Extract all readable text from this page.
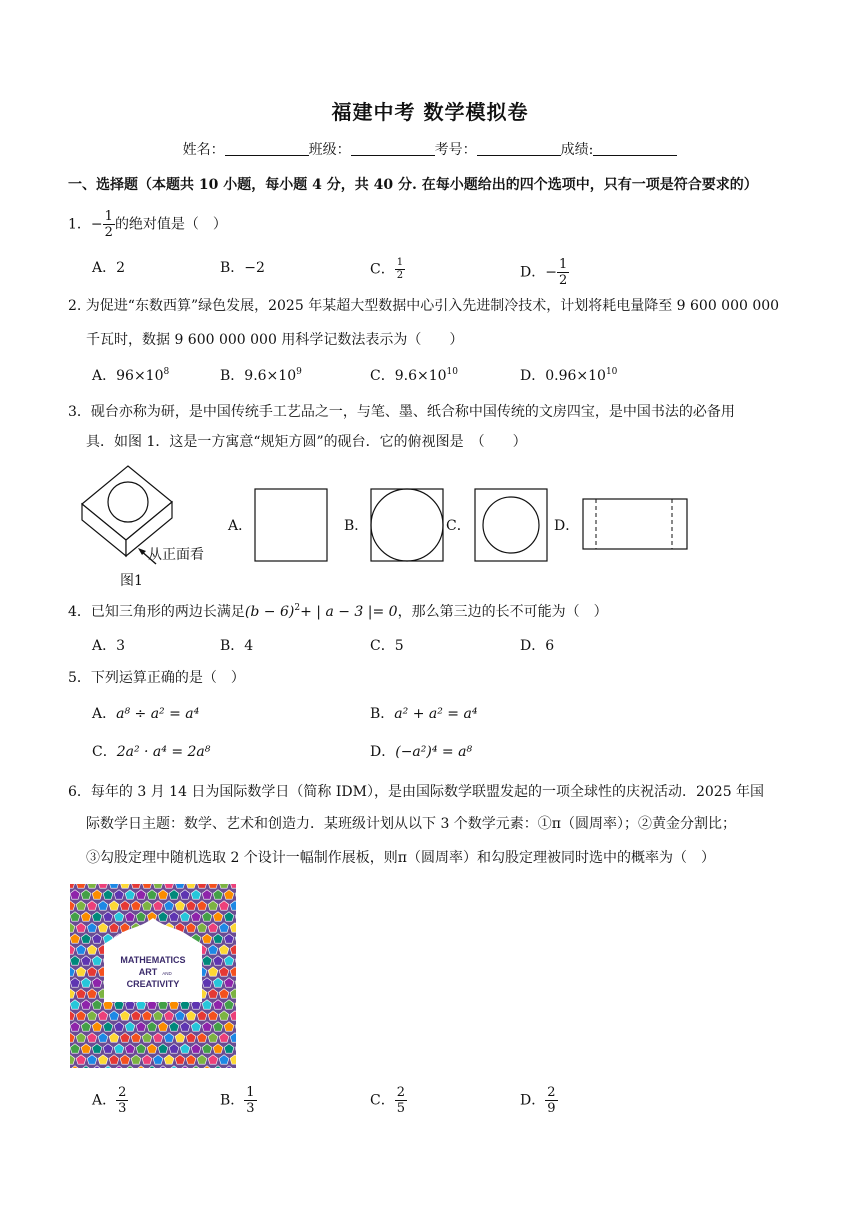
福建中考 数学模拟卷
姓名：	班级：	考号：	成绩:
一、选择题（本题共 10 小题，每小题 4 分，共 40 分. 在每小题给出的四个选项中，只有一项是符合要求的）
1．− $\frac{1}{2}$ 的绝对值是（　）
A．2	B．−2	C． $\frac{1}{2}$	D．− $\frac{1}{2}$
2. 为促进“东数西算”绿色发展，2025 年某超大型数据中心引入先进制冷技术，计划将耗电量降至 9 600 000 000
千瓦时，数据 9 600 000 000 用科学记数法表示为（　　）
A．$96\times 10^8$	B．$9.6\times 10^9$	C．$9.6\times 10^{10}$	D．$0.96\times 10^{10}$
3．砚台亦称为研，是中国传统手工艺品之一，与笔、墨、纸合称中国传统的文房四宝，是中国书法的必备用
具．如图 1．这是一方寓意“规矩方圆”的砚台．它的俯视图是　（　　）
从正面看
图1
A．	B．	C．	D．
4．已知三角形的两边长满足$(b - 6)^2+$ | a − 3 |= 0，那么第三边的长不可能为（　）
A．3	B．4	C．5	D．6
5．下列运算正确的是（　）
A．a⁸ ÷ a² = a⁴	B．a² + a² = a⁴
C．2a² · a⁴ = 2a⁸	D．(−a²)⁴ = a⁸
6．每年的 3 月 14 日为国际数学日（简称 IDM），是由国际数学联盟发起的一项全球性的庆祝活动．2025 年国
际数学日主题：数学、艺术和创造力．某班级计划从以下 3 个数学元素：①π（圆周率）；②黄金分割比；
③勾股定理中随机选取 2 个设计一幅制作展板，则π（圆周率）和勾股定理被同时选中的概率为（　）
MATHEMATICS
ART AND
CREATIVITY
A． $\frac{2}{3}$	B． $\frac{1}{3}$	C． $\frac{2}{5}$	D． $\frac{2}{9}$
